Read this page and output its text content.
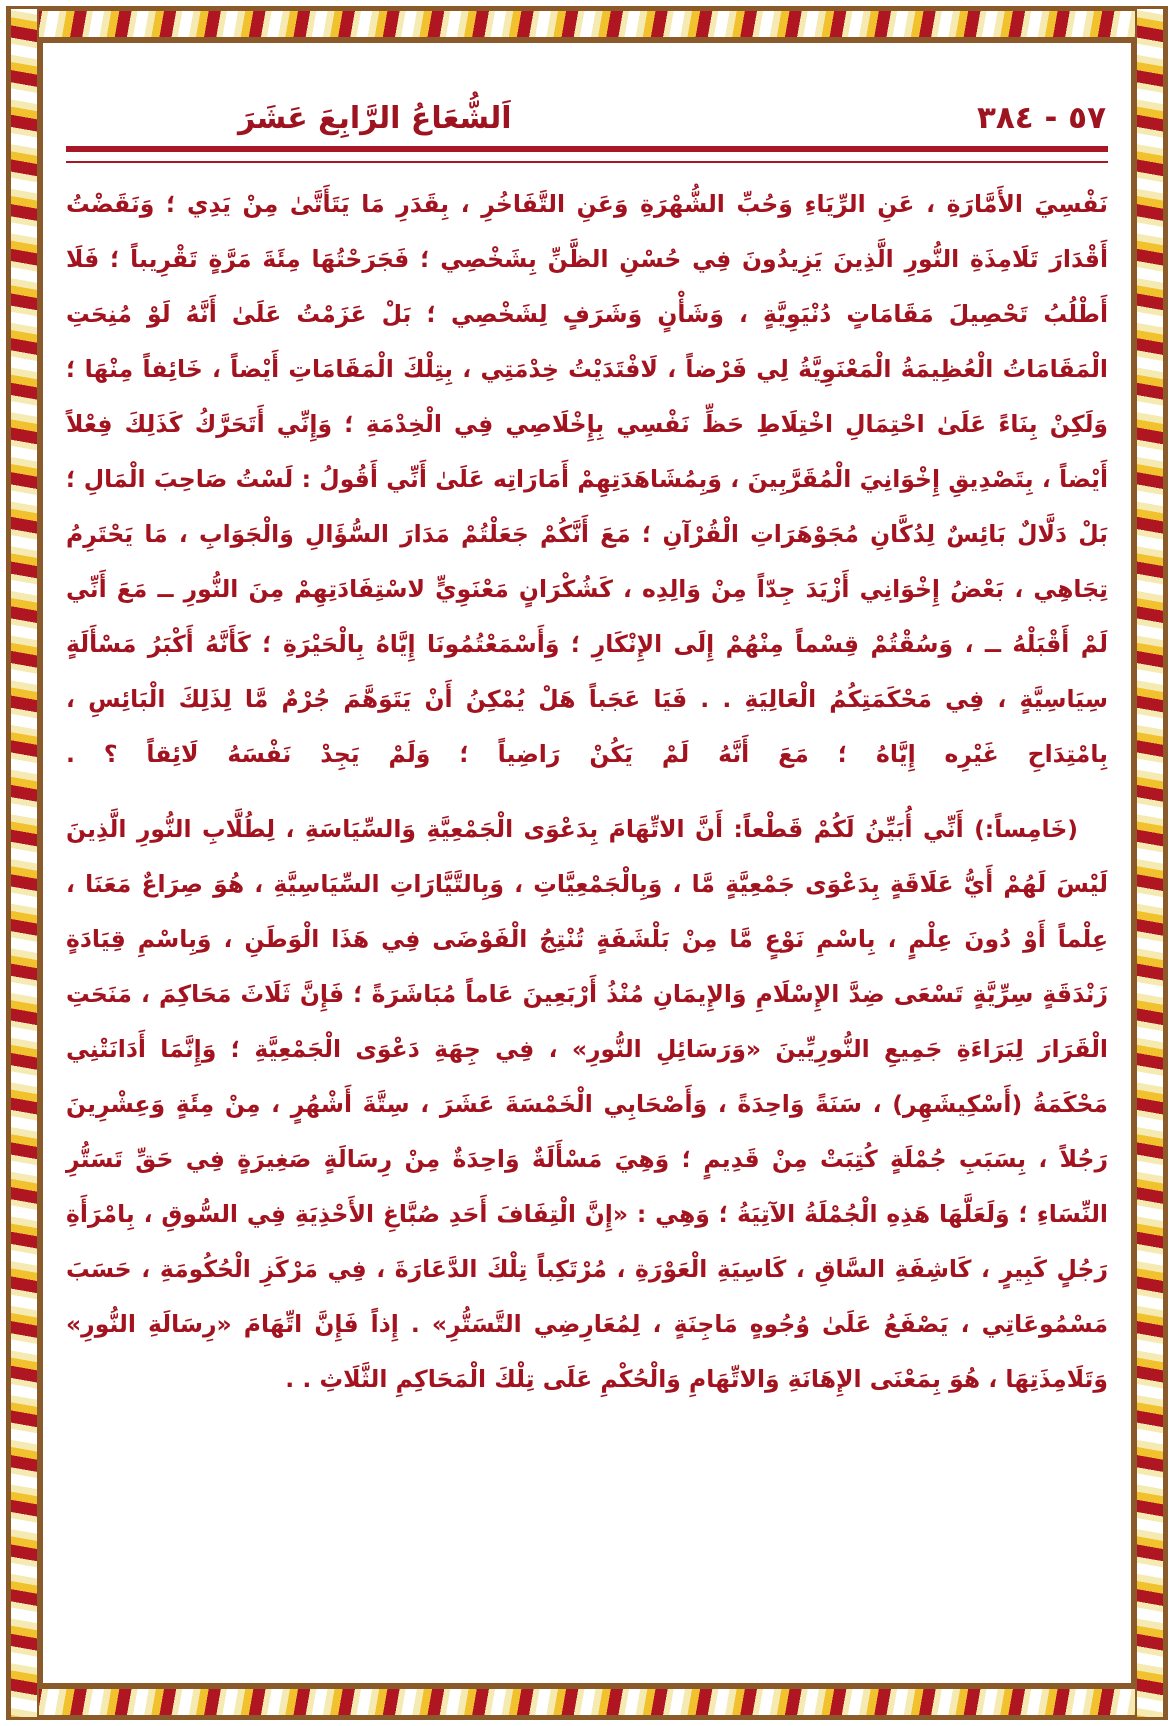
٥٧ - ٣٨٤
اَلشُّعَاعُ الرَّابِعَ عَشَرَ

نَفْسِيَ الأَمَّارَةِ ، عَنِ الرِّيَاءِ وَحُبِّ الشُّهْرَةِ وَعَنِ التَّفَاخُرِ ، بِقَدَرِ مَا يَتَأَتَّىٰ مِنْ يَدِي ؛ وَنَقَضْتُ أَقْدَارَ تَلَامِذَةِ النُّورِ الَّذِينَ يَزِيدُونَ فِي حُسْنِ الظَّنِّ بِشَخْصِي ؛ فَجَرَحْتُهَا مِئَةَ مَرَّةٍ تَقْرِيباً ؛ فَلَا أَطْلُبُ تَحْصِيلَ مَقَامَاتٍ دُنْيَوِيَّةٍ ، وَشَأْنٍ وَشَرَفٍ لِشَخْصِي ؛ بَلْ عَزَمْتُ عَلَىٰ أَنَّهُ لَوْ مُنِحَتِ الْمَقَامَاتُ الْعُظِيمَةُ الْمَعْنَوِيَّةُ لِي فَرْضاً ، لَافْتَدَيْتُ خِدْمَتِي ، بِتِلْكَ الْمَقَامَاتِ أَيْضاً ، خَائِفاً مِنْهَا ؛ وَلَكِنْ بِنَاءً عَلَىٰ احْتِمَالِ اخْتِلَاطِ حَظِّ نَفْسِي بِإِخْلَاصِي فِي الْخِدْمَةِ ؛ وَإِنِّي أَتَحَرَّكُ كَذَلِكَ فِعْلاً أَيْضاً ، بِتَصْدِيقِ إِخْوَانِيَ الْمُقَرَّبِينَ ، وَبِمُشَاهَدَتِهِمْ أَمَارَاتِه عَلَىٰ أَنِّي أَقُولُ : لَسْتُ صَاحِبَ الْمَالِ ؛ بَلْ دَلَّالٌ بَائِسٌ لِدُكَّانِ مُجَوْهَرَاتِ الْقُرْآنِ ؛ مَعَ أَنَّكُمْ جَعَلْتُمْ مَدَارَ السُّؤَالِ وَالْجَوَابِ ، مَا يَحْتَرِمُ تِجَاهِي ، بَعْضُ إِخْوَانِي أَزْيَدَ جِدّاً مِنْ وَالِدِه ، كَشُكْرَانٍ مَعْنَوِيٍّ لاسْتِفَادَتِهِمْ مِنَ النُّورِ ــ مَعَ أَنِّي لَمْ أَقْبَلْهُ ــ ، وَسُقْتُمْ قِسْماً مِنْهُمْ إِلَى الإِنْكَارِ ؛ وَأَسْمَعْتُمُونَا إِيَّاهُ بِالْحَيْرَةِ ؛ كَأَنَّهُ أَكْبَرُ مَسْأَلَةٍ سِيَاسِيَّةٍ ، فِي مَحْكَمَتِكُمُ الْعَالِيَةِ . . فَيَا عَجَباً هَلْ يُمْكِنُ أَنْ يَتَوَهَّمَ جُرْمٌ مَّا لِذَلِكَ الْبَائِسِ ، بِامْتِدَاحِ غَيْرِه إِيَّاهُ ؛ مَعَ أَنَّهُ لَمْ يَكُنْ رَاضِياً ؛ وَلَمْ يَجِدْ نَفْسَهُ لَائِقاً ؟ .

(خَامِساً:) أَنِّي أُبَيِّنُ لَكُمْ قَطْعاً: أَنَّ الاتِّهَامَ بِدَعْوَى الْجَمْعِيَّةِ وَالسِّيَاسَةِ ، لِطُلَّابِ النُّورِ الَّذِينَ لَيْسَ لَهُمْ أَيُّ عَلَاقَةٍ بِدَعْوَى جَمْعِيَّةٍ مَّا ، وَبِالْجَمْعِيَّاتِ ، وَبِالتَّيَّارَاتِ السِّيَاسِيَّةِ ، هُوَ صِرَاعٌ مَعَنَا ، عِلْماً أَوْ دُونَ عِلْمٍ ، بِاسْمِ نَوْعٍ مَّا مِنْ بَلْشَفَةٍ تُنْتِجُ الْفَوْضَى فِي هَذَا الْوَطَنِ ، وَبِاسْمِ قِيَادَةٍ زَنْدَقَةٍ سِرِّيَّةٍ تَسْعَى ضِدَّ الإِسْلَامِ وَالإِيمَانِ مُنْذُ أَرْبَعِينَ عَاماً مُبَاشَرَةً ؛ فَإِنَّ ثَلَاثَ مَحَاكِمَ ، مَنَحَتِ الْقَرَارَ لِبَرَاءَةِ جَمِيعِ النُّورِيِّينَ «وَرَسَائِلِ النُّورِ» ، فِي جِهَةِ دَعْوَى الْجَمْعِيَّةِ ؛ وَإِنَّمَا أَدَانَتْنِي مَحْكَمَةُ (أَسْكِيشَهِر) ، سَنَةً وَاحِدَةً ، وَأَصْحَابِي الْخَمْسَةَ عَشَرَ ، سِتَّةَ أَشْهُرٍ ، مِنْ مِئَةٍ وَعِشْرِينَ رَجُلاً ، بِسَبَبِ جُمْلَةٍ كُتِبَتْ مِنْ قَدِيمٍ ؛ وَهِيَ مَسْأَلَةٌ وَاحِدَةٌ مِنْ رِسَالَةٍ صَغِيرَةٍ فِي حَقِّ تَسَتُّرِ النِّسَاءِ ؛ وَلَعَلَّهَا هَذِهِ الْجُمْلَةُ الآتِيَةُ ؛ وَهِي : «إِنَّ الْتِفَافَ أَحَدِ صُبَّاغِ الأَحْذِيَةِ فِي السُّوقِ ، بِامْرَأَةِ رَجُلٍ كَبِيرٍ ، كَاشِفَةِ السَّاقِ ، كَاسِيَةِ الْعَوْرَةِ ، مُرْتَكِباً تِلْكَ الدَّعَارَةَ ، فِي مَرْكَزِ الْحُكُومَةِ ، حَسَبَ مَسْمُوعَاتِي ، يَصْفَعُ عَلَىٰ وُجُوهٍ مَاجِنَةٍ ، لِمُعَارِضِي التَّسَتُّرِ» . إِذاً فَإِنَّ اتِّهَامَ «رِسَالَةِ النُّورِ» وَتَلَامِذَتِهَا ، هُوَ بِمَعْنَى الإِهَانَةِ وَالاتِّهَامِ وَالْحُكْمِ عَلَى تِلْكَ الْمَحَاكِمِ الثَّلَاثِ . .
